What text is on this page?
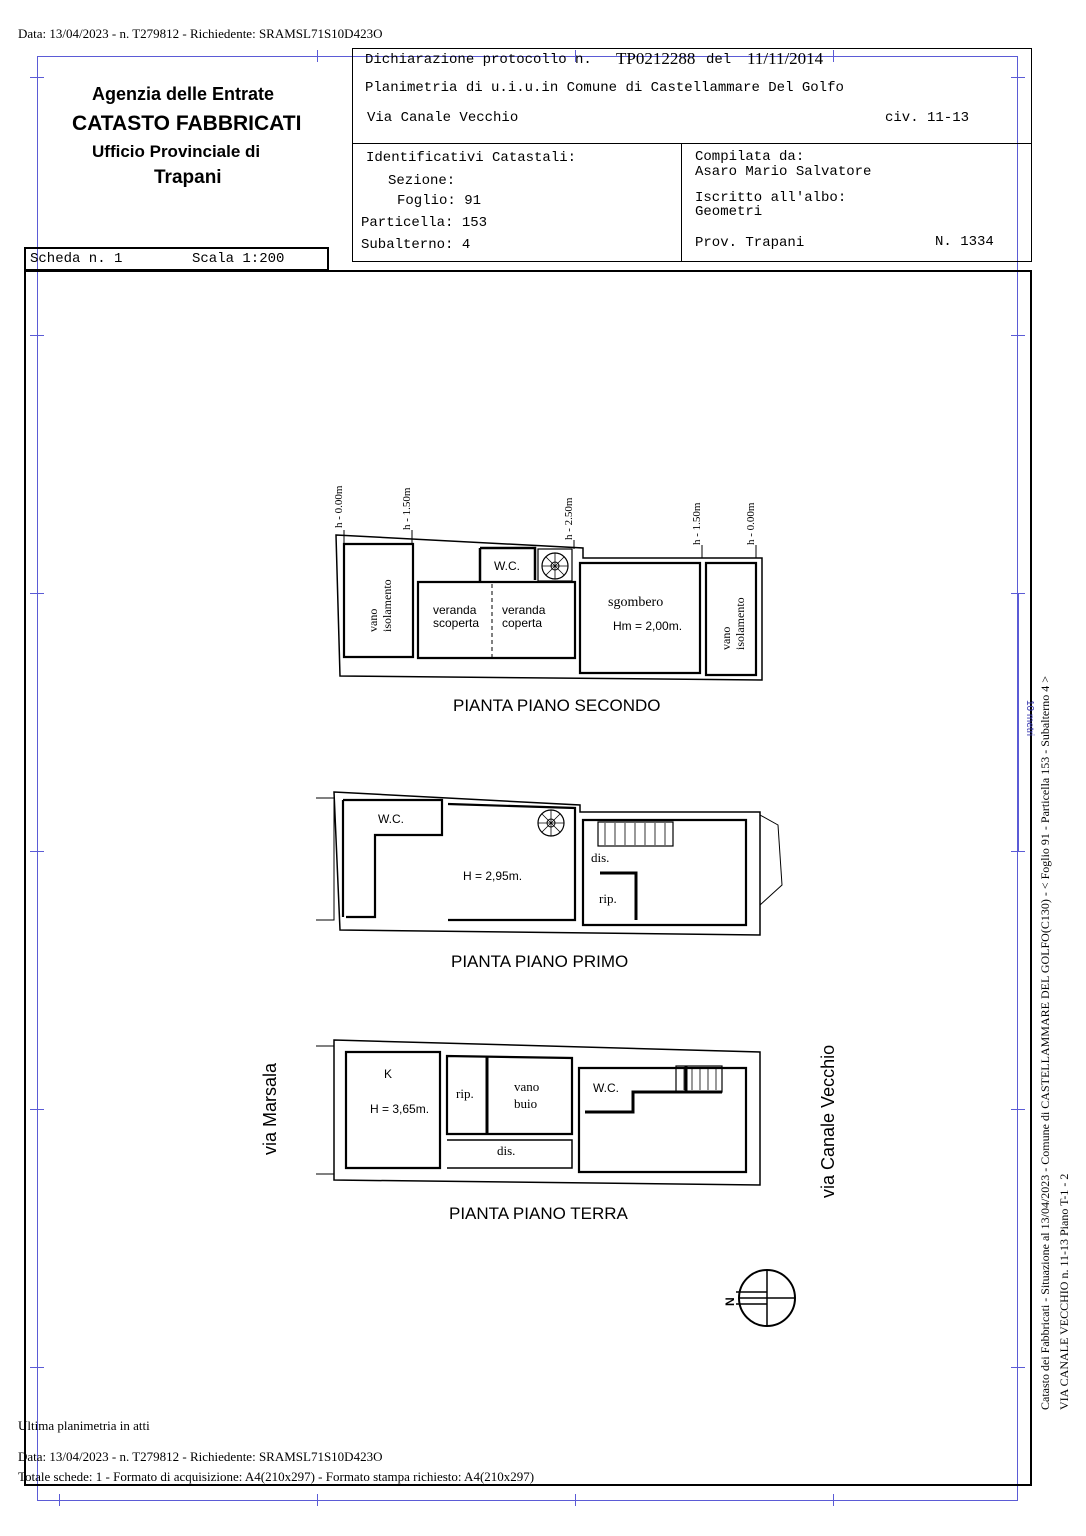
Data: 13/04/2023 - n. T279812 - Richiedente: SRAMSL71S10D423O
Agenzia delle Entrate
CATASTO FABBRICATI
Ufficio Provinciale di
Trapani
Scheda n. 1	Scala 1:200
Dichiarazione protocollo n. TP0212288 del 11/11/2014
Planimetria di u.i.u.in Comune di Castellammare Del Golfo
Via Canale Vecchio	civ. 11-13
Identificativi Catastali:
Sezione:
Foglio: 91
Particella: 153
Subalterno: 4
Compilata da:
Asaro Mario Salvatore
Iscritto all'albo:
Geometri
Prov. Trapani	N. 1334
h - 0.00m	h - 1.50m	h - 2.50m	h - 1.50m	h - 0.00m
vano isolamento
W.C.
veranda
scoperta
veranda
coperta
sgombero
Hm = 2,00m.
vano isolamento
PIANTA PIANO SECONDO
W.C.
H = 2,95m.
dis.
rip.
PIANTA PIANO PRIMO
K
H = 3,65m.
rip.	vano
buio
W.C.
dis.
via Marsala	via Canale Vecchio
PIANTA PIANO TERRA
N	Catasto dei Fabbricati - Situazione al 13/04/2023 - Comune di CASTELLAMMARE DEL GOLFO(C130) - < Foglio 91 - Particella 153 - Subalterno 4 > VIA CANALE VECCHIO n. 11-13 Piano T-1 - 2
10 metri
Ultima planimetria in atti
Data: 13/04/2023 - n. T279812 - Richiedente: SRAMSL71S10D423O
Totale schede: 1 - Formato di acquisizione: A4(210x297) - Formato stampa richiesto: A4(210x297)
